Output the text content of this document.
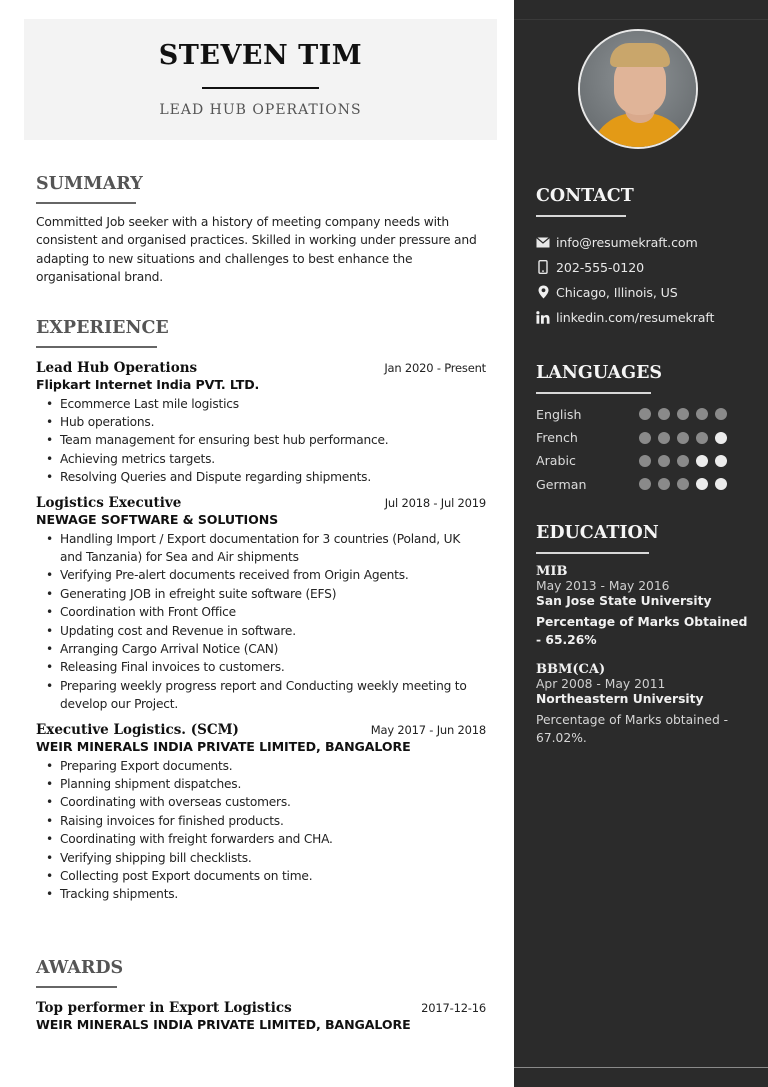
STEVEN TIM
LEAD HUB OPERATIONS
SUMMARY
Committed Job seeker with a history of meeting company needs with consistent and organised practices. Skilled in working under pressure and adapting to new situations and challenges to best enhance the organisational brand.
EXPERIENCE
Lead Hub Operations	Jan 2020 - Present
Flipkart Internet India PVT. LTD.
• Ecommerce Last mile logistics
• Hub operations.
• Team management for ensuring best hub performance.
• Achieving metrics targets.
• Resolving Queries and Dispute regarding shipments.
Logistics Executive	Jul 2018 - Jul 2019
NEWAGE SOFTWARE & SOLUTIONS
• Handling Import / Export documentation for 3 countries (Poland, UK and Tanzania) for Sea and Air shipments
• Verifying Pre-alert documents received from Origin Agents.
• Generating JOB in efreight suite software (EFS)
• Coordination with Front Office
• Updating cost and Revenue in software.
• Arranging Cargo Arrival Notice (CAN)
• Releasing Final invoices to customers.
• Preparing weekly progress report and Conducting weekly meeting to develop our Project.
Executive Logistics. (SCM)	May 2017 - Jun 2018
WEIR MINERALS INDIA PRIVATE LIMITED, BANGALORE
• Preparing Export documents.
• Planning shipment dispatches.
• Coordinating with overseas customers.
• Raising invoices for finished products.
• Coordinating with freight forwarders and CHA.
• Verifying shipping bill checklists.
• Collecting post Export documents on time.
• Tracking shipments.
AWARDS
Top performer in Export Logistics	2017-12-16
WEIR MINERALS INDIA PRIVATE LIMITED, BANGALORE
CONTACT
info@resumekraft.com
202-555-0120
Chicago, Illinois, US
linkedin.com/resumekraft
LANGUAGES
English
French
Arabic
German
EDUCATION
MIB
May 2013 - May 2016
San Jose State University
Percentage of Marks Obtained - 65.26%
BBM(CA)
Apr 2008 - May 2011
Northeastern University
Percentage of Marks obtained - 67.02%.
